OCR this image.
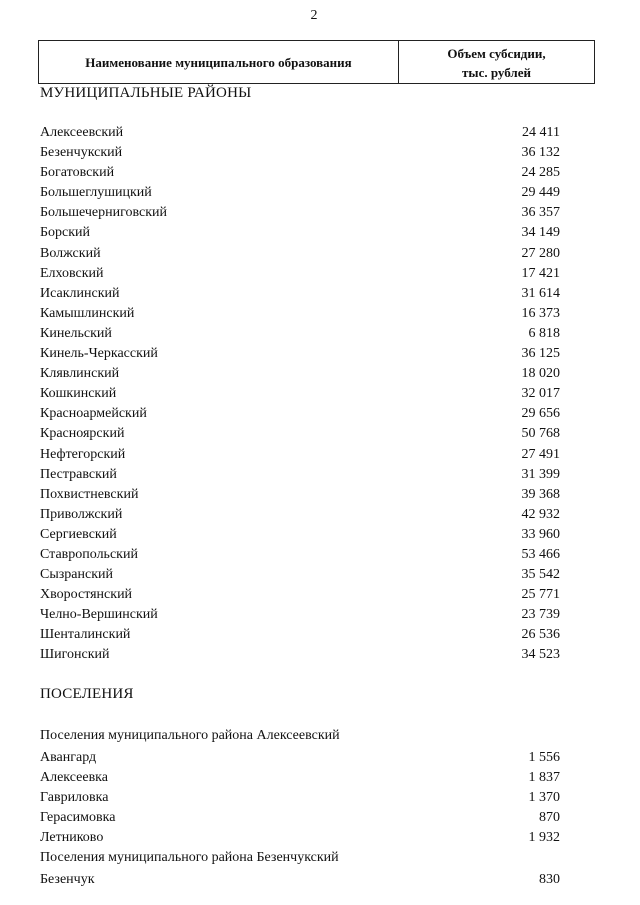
2
Наименование муниципального образования
Объем субсидии,
тыс. рублей
МУНИЦИПАЛЬНЫЕ РАЙОНЫ
Алексеевский	24 411
Безенчукский	36 132
Богатовский	24 285
Большеглушицкий	29 449
Большечерниговский	36 357
Борский	34 149
Волжский	27 280
Елховский	17 421
Исаклинский	31 614
Камышлинский	16 373
Кинельский	6 818
Кинель-Черкасский	36 125
Клявлинский	18 020
Кошкинский	32 017
Красноармейский	29 656
Красноярский	50 768
Нефтегорский	27 491
Пестравский	31 399
Похвистневский	39 368
Приволжский	42 932
Сергиевский	33 960
Ставропольский	53 466
Сызранский	35 542
Хворостянский	25 771
Челно-Вершинский	23 739
Шенталинский	26 536
Шигонский	34 523
ПОСЕЛЕНИЯ
Поселения муниципального района Алексеевский
Авангард	1 556
Алексеевка	1 837
Гавриловка	1 370
Герасимовка	870
Летниково	1 932
Поселения муниципального района Безенчукский
Безенчук	830
